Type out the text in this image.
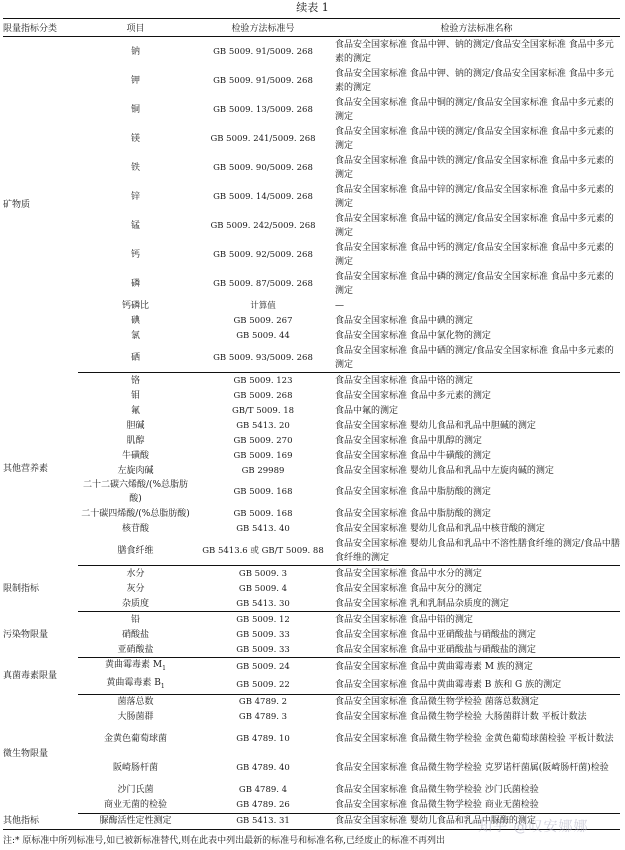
续表 1
限量指标分类	项目	检验方法标准号	检验方法标准名称
矿物质	钠	GB 5009. 91/5009. 268	食品安全国家标准 食品中钾、钠的测定/食品安全国家标准 食品中多元素的测定
	钾	GB 5009. 91/5009. 268	食品安全国家标准 食品中钾、钠的测定/食品安全国家标准 食品中多元素的测定
	铜	GB 5009. 13/5009. 268	食品安全国家标准 食品中铜的测定/食品安全国家标准 食品中多元素的测定
	镁	GB 5009. 241/5009. 268	食品安全国家标准 食品中镁的测定/食品安全国家标准 食品中多元素的测定
	铁	GB 5009. 90/5009. 268	食品安全国家标准 食品中铁的测定/食品安全国家标准 食品中多元素的测定
	锌	GB 5009. 14/5009. 268	食品安全国家标准 食品中锌的测定/食品安全国家标准 食品中多元素的测定
	锰	GB 5009. 242/5009. 268	食品安全国家标准 食品中锰的测定/食品安全国家标准 食品中多元素的测定
	钙	GB 5009. 92/5009. 268	食品安全国家标准 食品中钙的测定/食品安全国家标准 食品中多元素的测定
	磷	GB 5009. 87/5009. 268	食品安全国家标准 食品中磷的测定/食品安全国家标准 食品中多元素的测定
	钙磷比	计算值	—
	碘	GB 5009. 267	食品安全国家标准 食品中碘的测定
	氯	GB 5009. 44	食品安全国家标准 食品中氯化物的测定
	硒	GB 5009. 93/5009. 268	食品安全国家标准 食品中硒的测定/食品安全国家标准 食品中多元素的测定
其他营养素	铬	GB 5009. 123	食品安全国家标准 食品中铬的测定
	钼	GB 5009. 268	食品安全国家标准 食品中多元素的测定
	氟	GB/T 5009. 18	食品中氟的测定
	胆碱	GB 5413. 20	食品安全国家标准 婴幼儿食品和乳品中胆碱的测定
	肌醇	GB 5009. 270	食品安全国家标准 食品中肌醇的测定
	牛磺酸	GB 5009. 169	食品安全国家标准 食品中牛磺酸的测定
	左旋肉碱	GB 29989	食品安全国家标准 婴幼儿食品和乳品中左旋肉碱的测定
	二十二碳六烯酸/(%总脂肪酸)	GB 5009. 168	食品安全国家标准 食品中脂肪酸的测定
	二十碳四烯酸/(%总脂肪酸)	GB 5009. 168	食品安全国家标准 食品中脂肪酸的测定
	核苷酸	GB 5413. 40	食品安全国家标准 婴幼儿食品和乳品中核苷酸的测定
	膳食纤维	GB 5413.6 或 GB/T 5009. 88	食品安全国家标准 婴幼儿食品和乳品中不溶性膳食纤维的测定/食品中膳食纤维的测定
限制指标	水分	GB 5009. 3	食品安全国家标准 食品中水分的测定
	灰分	GB 5009. 4	食品安全国家标准 食品中灰分的测定
	杂质度	GB 5413. 30	食品安全国家标准 乳和乳制品杂质度的测定
污染物限量	铅	GB 5009. 12	食品安全国家标准 食品中铅的测定
	硝酸盐	GB 5009. 33	食品安全国家标准 食品中亚硝酸盐与硝酸盐的测定
	亚硝酸盐	GB 5009. 33	食品安全国家标准 食品中亚硝酸盐与硝酸盐的测定
真菌毒素限量	黄曲霉毒素 $M_1$	GB 5009. 24	食品安全国家标准 食品中黄曲霉毒素 M 族的测定
	黄曲霉毒素 $B_1$	GB 5009. 22	食品安全国家标准 食品中黄曲霉毒素 B 族和 G 族的测定
微生物限量	菌落总数	GB 4789. 2	食品安全国家标准 食品微生物学检验 菌落总数测定
	大肠菌群	GB 4789. 3	食品安全国家标准 食品微生物学检验 大肠菌群计数 平板计数法
	金黄色葡萄球菌	GB 4789. 10	食品安全国家标准 食品微生物学检验 金黄色葡萄球菌检验 平板计数法
	阪崎肠杆菌	GB 4789. 40	食品安全国家标准 食品微生物学检验 克罗诺杆菌属(阪崎肠杆菌)检验
	沙门氏菌	GB 4789. 4	食品安全国家标准 食品微生物学检验 沙门氏菌检验
	商业无菌的检验	GB 4789. 26	食品安全国家标准 食品微生物学检验 商业无菌检验
其他指标	脲酶活性定性测定	GB 5413. 31	食品安全国家标准 婴幼儿食品和乳品中脲酶的测定
知乎 @叹安娜娜
注:* 原标准中所列标准号,如已被新标准替代,则在此表中列出最新的标准号和标准名称,已经废止的标准不再列出
